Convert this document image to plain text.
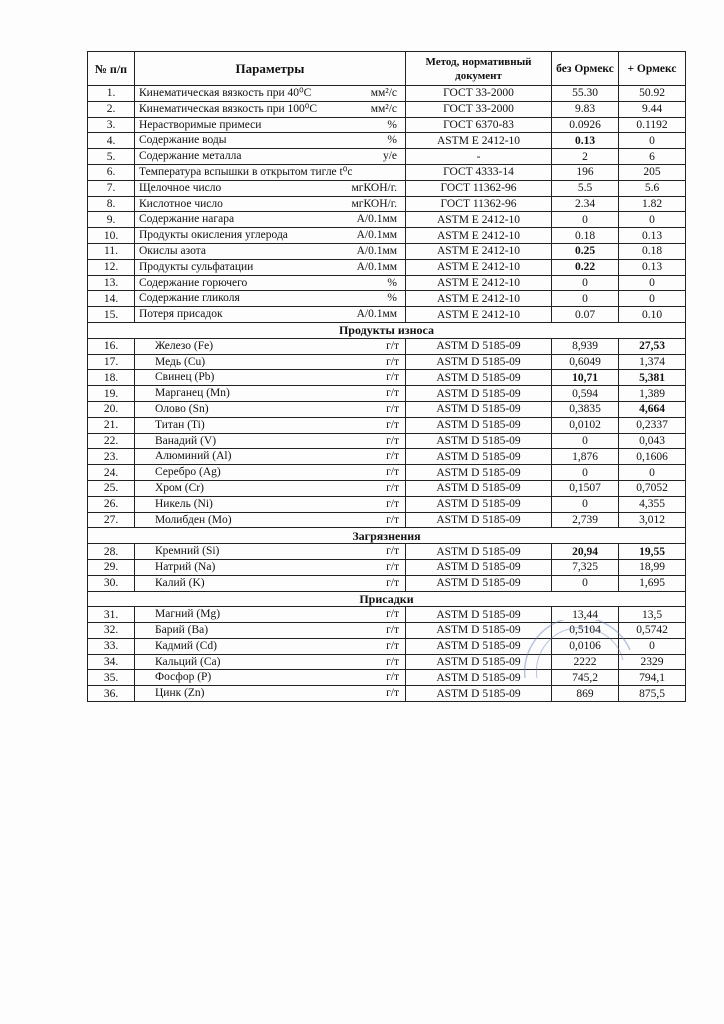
№ п/п	Параметры	Метод, нормативный документ	без Ормекс	+ Ормекс
1.	Кинематическая вязкость при 40⁰С мм²/с	ГОСТ 33-2000	55.30	50.92
2.	Кинематическая вязкость при 100⁰С мм²/с	ГОСТ 33-2000	9.83	9.44
3.	Нерастворимые примеси %	ГОСТ 6370-83	0.0926	0.1192
4.	Содержание воды %	ASTM E 2412-10	0.13	0
5.	Содержание металла у/е	-	2	6
6.	Температура вспышки в открытом тигле t⁰с	ГОСТ 4333-14	196	205
7.	Щелочное число мгКОН/г.	ГОСТ 11362-96	5.5	5.6
8.	Кислотное число мгКОН/г.	ГОСТ 11362-96	2.34	1.82
9.	Содержание нагара А/0.1мм	ASTM E 2412-10	0	0
10.	Продукты окисления углерода А/0.1мм	ASTM E 2412-10	0.18	0.13
11.	Окислы азота А/0.1мм	ASTM E 2412-10	0.25	0.18
12.	Продукты сульфатации А/0.1мм	ASTM E 2412-10	0.22	0.13
13.	Содержание горючего %	ASTM E 2412-10	0	0
14.	Содержание гликоля %	ASTM E 2412-10	0	0
15.	Потеря присадок А/0.1мм	ASTM E 2412-10	0.07	0.10
Продукты износа				
16.	Железо (Fe) г/т	ASTM D 5185-09	8,939	27,53
17.	Медь (Cu) г/т	ASTM D 5185-09	0,6049	1,374
18.	Свинец (Pb) г/т	ASTM D 5185-09	10,71	5,381
19.	Марганец (Mn) г/т	ASTM D 5185-09	0,594	1,389
20.	Олово (Sn) г/т	ASTM D 5185-09	0,3835	4,664
21.	Титан (Ti) г/т	ASTM D 5185-09	0,0102	0,2337
22.	Ванадий (V) г/т	ASTM D 5185-09	0	0,043
23.	Алюминий (Al) г/т	ASTM D 5185-09	1,876	0,1606
24.	Серебро (Ag) г/т	ASTM D 5185-09	0	0
25.	Хром (Cr) г/т	ASTM D 5185-09	0,1507	0,7052
26.	Никель (Ni) г/т	ASTM D 5185-09	0	4,355
27.	Молибден (Mo) г/т	ASTM D 5185-09	2,739	3,012
Загрязнения				
28.	Кремний (Si) г/т	ASTM D 5185-09	20,94	19,55
29.	Натрий (Na) г/т	ASTM D 5185-09	7,325	18,99
30.	Калий (K) г/т	ASTM D 5185-09	0	1,695
Присадки				
31.	Магний (Mg) г/т	ASTM D 5185-09	13,44	13,5
32.	Барий (Ba) г/т	ASTM D 5185-09	0,5104	0,5742
33.	Кадмий (Cd) г/т	ASTM D 5185-09	0,0106	0
34.	Кальций (Ca) г/т	ASTM D 5185-09	2222	2329
35.	Фосфор (P) г/т	ASTM D 5185-09	745,2	794,1
36.	Цинк (Zn) г/т	ASTM D 5185-09	869	875,5
